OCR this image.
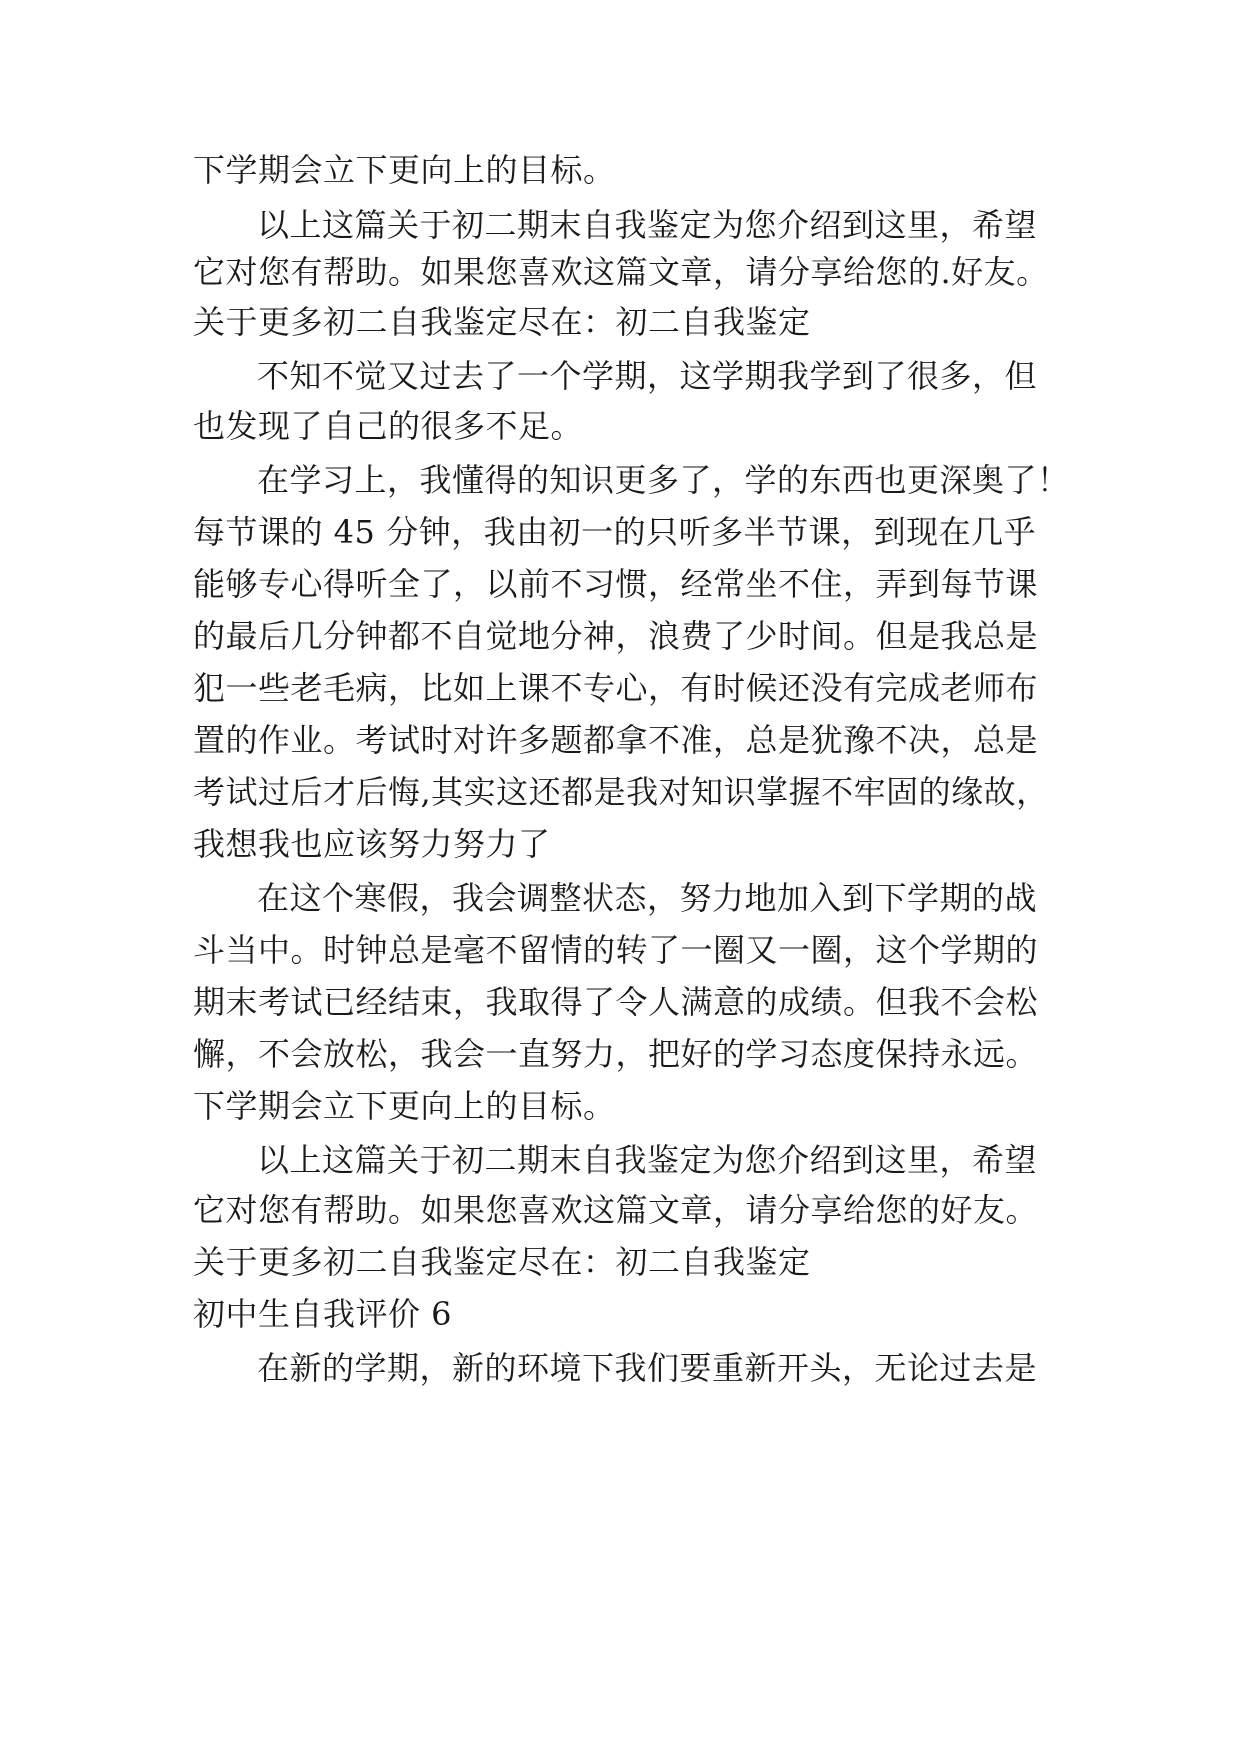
下学期会立下更向上的目标。
以上这篇关于初二期末自我鉴定为您介绍到这里，希望
它对您有帮助。如果您喜欢这篇文章，请分享给您的.好友。
关于更多初二自我鉴定尽在：初二自我鉴定
不知不觉又过去了一个学期，这学期我学到了很多，但
也发现了自己的很多不足。
在学习上，我懂得的知识更多了，学的东西也更深奥了！
每节课的 45 分钟，我由初一的只听多半节课，到现在几乎
能够专心得听全了，以前不习惯，经常坐不住，弄到每节课
的最后几分钟都不自觉地分神，浪费了少时间。但是我总是
犯一些老毛病，比如上课不专心，有时候还没有完成老师布
置的作业。考试时对许多题都拿不准，总是犹豫不决，总是
考试过后才后悔,其实这还都是我对知识掌握不牢固的缘故，
我想我也应该努力努力了
在这个寒假，我会调整状态，努力地加入到下学期的战
斗当中。时钟总是毫不留情的转了一圈又一圈，这个学期的
期末考试已经结束，我取得了令人满意的成绩。但我不会松
懈，不会放松，我会一直努力，把好的学习态度保持永远。
下学期会立下更向上的目标。
以上这篇关于初二期末自我鉴定为您介绍到这里，希望
它对您有帮助。如果您喜欢这篇文章，请分享给您的好友。
关于更多初二自我鉴定尽在：初二自我鉴定
初中生自我评价 6
在新的学期，新的环境下我们要重新开头，无论过去是
